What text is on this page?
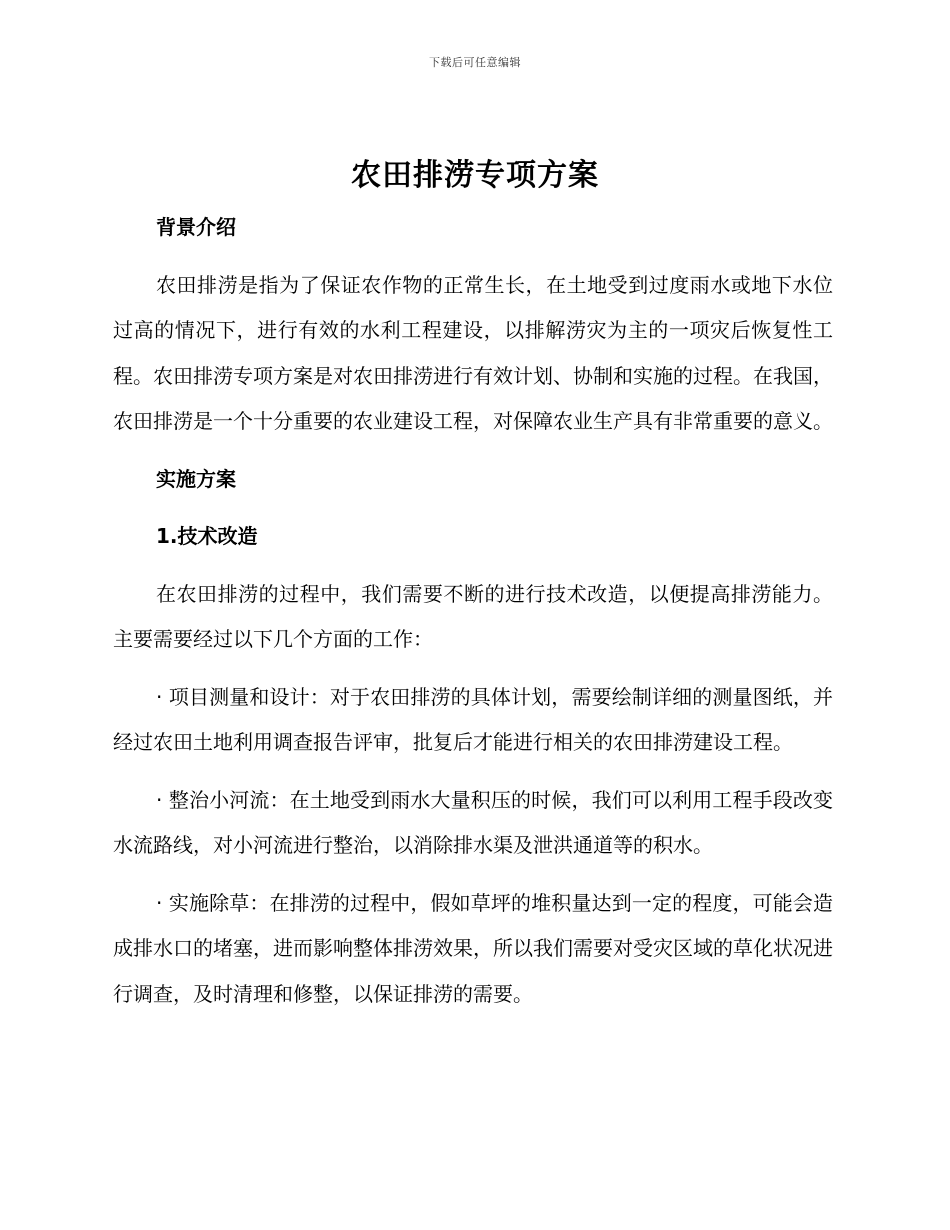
下载后可任意编辑
农田排涝专项方案

背景介绍

农田排涝是指为了保证农作物的正常生长，在土地受到过度雨水或地下水位过高的情况下，进行有效的水利工程建设，以排解涝灾为主的一项灾后恢复性工程。农田排涝专项方案是对农田排涝进行有效计划、协制和实施的过程。在我国，农田排涝是一个十分重要的农业建设工程，对保障农业生产具有非常重要的意义。

实施方案

1.技术改造

在农田排涝的过程中，我们需要不断的进行技术改造，以便提高排涝能力。主要需要经过以下几个方面的工作：

· 项目测量和设计：对于农田排涝的具体计划，需要绘制详细的测量图纸，并经过农田土地利用调查报告评审，批复后才能进行相关的农田排涝建设工程。

· 整治小河流：在土地受到雨水大量积压的时候，我们可以利用工程手段改变水流路线，对小河流进行整治，以消除排水渠及泄洪通道等的积水。

· 实施除草：在排涝的过程中，假如草坪的堆积量达到一定的程度，可能会造成排水口的堵塞，进而影响整体排涝效果，所以我们需要对受灾区域的草化状况进行调查，及时清理和修整，以保证排涝的需要。
